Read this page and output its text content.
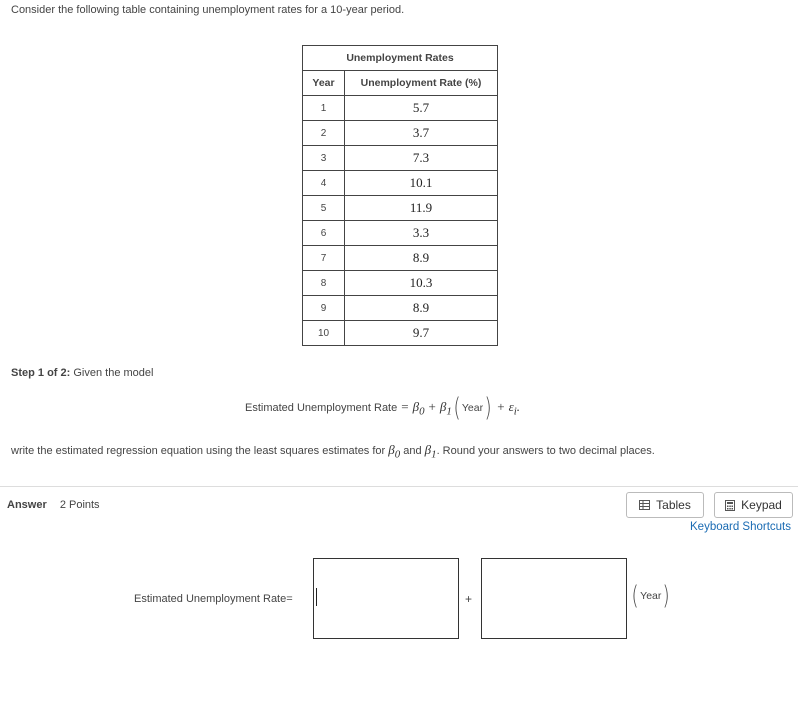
Consider the following table containing unemployment rates for a 10-year period.
Unemployment Rates	
Year	Unemployment Rate (%)
1	5.7
2	3.7
3	7.3
4	10.1
5	11.9
6	3.3
7	8.9
8	10.3
9	8.9
10	9.7
Step 1 of 2: Given the model
Estimated Unemployment Rate = $\beta_0 + \beta_1$ ( Year ) + $\varepsilon_i$.
write the estimated regression equation using the least squares estimates for $\beta_0$ and $\beta_1$. Round your answers to two decimal places.
Answer 2 Points	Tables	Keypad
Keyboard Shortcuts
Estimated Unemployment Rate=	+	( Year )
